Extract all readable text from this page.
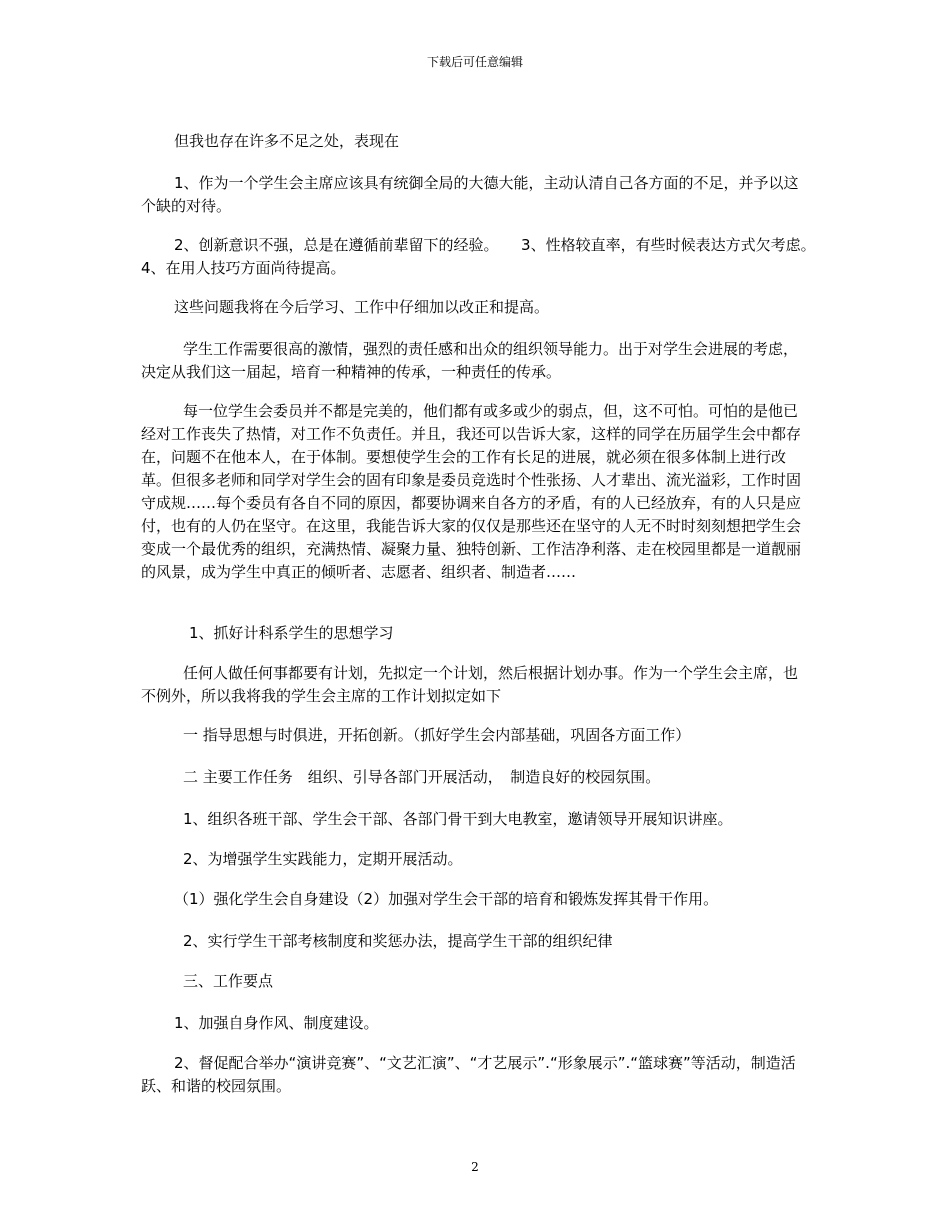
下载后可任意编辑

但我也存在许多不足之处，表现在

1、作为一个学生会主席应该具有统御全局的大德大能，主动认清自己各方面的不足，并予以这个缺的对待。

2、创新意识不强，总是在遵循前辈留下的经验。　　3、性格较直率，有些时候表达方式欠考虑。　　4、在用人技巧方面尚待提高。

这些问题我将在今后学习、工作中仔细加以改正和提高。

学生工作需要很高的激情，强烈的责任感和出众的组织领导能力。出于对学生会进展的考虑，决定从我们这一届起，培育一种精神的传承，一种责任的传承。

每一位学生会委员并不都是完美的，他们都有或多或少的弱点，但，这不可怕。可怕的是他已经对工作丧失了热情，对工作不负责任。并且，我还可以告诉大家，这样的同学在历届学生会中都存在，问题不在他本人，在于体制。要想使学生会的工作有长足的进展，就必须在很多体制上进行改革。但很多老师和同学对学生会的固有印象是委员竞选时个性张扬、人才辈出、流光溢彩，工作时固守成规……每个委员有各自不同的原因，都要协调来自各方的矛盾，有的人已经放弃，有的人只是应付，也有的人仍在坚守。在这里，我能告诉大家的仅仅是那些还在坚守的人无不时时刻刻想把学生会变成一个最优秀的组织，充满热情、凝聚力量、独特创新、工作洁净利落、走在校园里都是一道靓丽的风景，成为学生中真正的倾听者、志愿者、组织者、制造者……

1、抓好计科系学生的思想学习

任何人做任何事都要有计划，先拟定一个计划，然后根据计划办事。作为一个学生会主席，也不例外，所以我将我的学生会主席的工作计划拟定如下

一 指导思想与时俱进，开拓创新。（抓好学生会内部基础，巩固各方面工作）

二 主要工作任务　组织、引导各部门开展活动，　制造良好的校园氛围。

1、组织各班干部、学生会干部、各部门骨干到大电教室，邀请领导开展知识讲座。

2、为增强学生实践能力，定期开展活动。

（1）强化学生会自身建设（2）加强对学生会干部的培育和锻炼发挥其骨干作用。

2、实行学生干部考核制度和奖惩办法，提高学生干部的组织纪律

三、工作要点

1、加强自身作风、制度建设。

2、督促配合举办“演讲竞赛”、“文艺汇演”、“才艺展示”.“形象展示”.“篮球赛”等活动，制造活跃、和谐的校园氛围。

2
